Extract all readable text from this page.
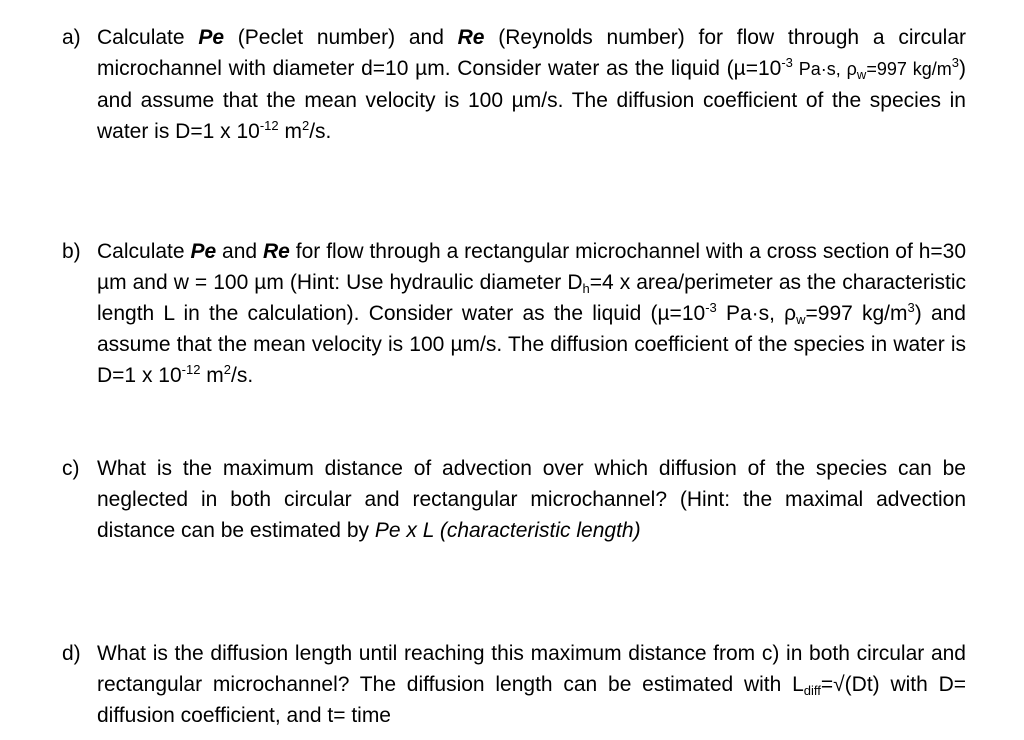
a) Calculate Pe (Peclet number) and Re (Reynolds number) for flow through a circular microchannel with diameter d=10 µm. Consider water as the liquid ($\mu=10^{-3}$ Pa·s, $\rho_w=997$ $kg/m^3$) and assume that the mean velocity is 100 µm/s. The diffusion coefficient of the species in water is D=1 x $10^{-12}$ $m^2/s$.
b) Calculate Pe and Re for flow through a rectangular microchannel with a cross section of h=30 µm and w = 100 µm (Hint: Use hydraulic diameter $D_h=4$ x area/perimeter as the characteristic length L in the calculation). Consider water as the liquid ($\mu=10^{-3}$ Pa·s, $\rho_w=997$ $kg/m^3$) and assume that the mean velocity is 100 µm/s. The diffusion coefficient of the species in water is D=1 x $10^{-12}$ $m^2/s$.
c) What is the maximum distance of advection over which diffusion of the species can be neglected in both circular and rectangular microchannel? (Hint: the maximal advection distance can be estimated by Pe x L (characteristic length)
d) What is the diffusion length until reaching this maximum distance from c) in both circular and rectangular microchannel? The diffusion length can be estimated with $L_{diff}=√(Dt)$ with D= diffusion coefficient, and t= time
